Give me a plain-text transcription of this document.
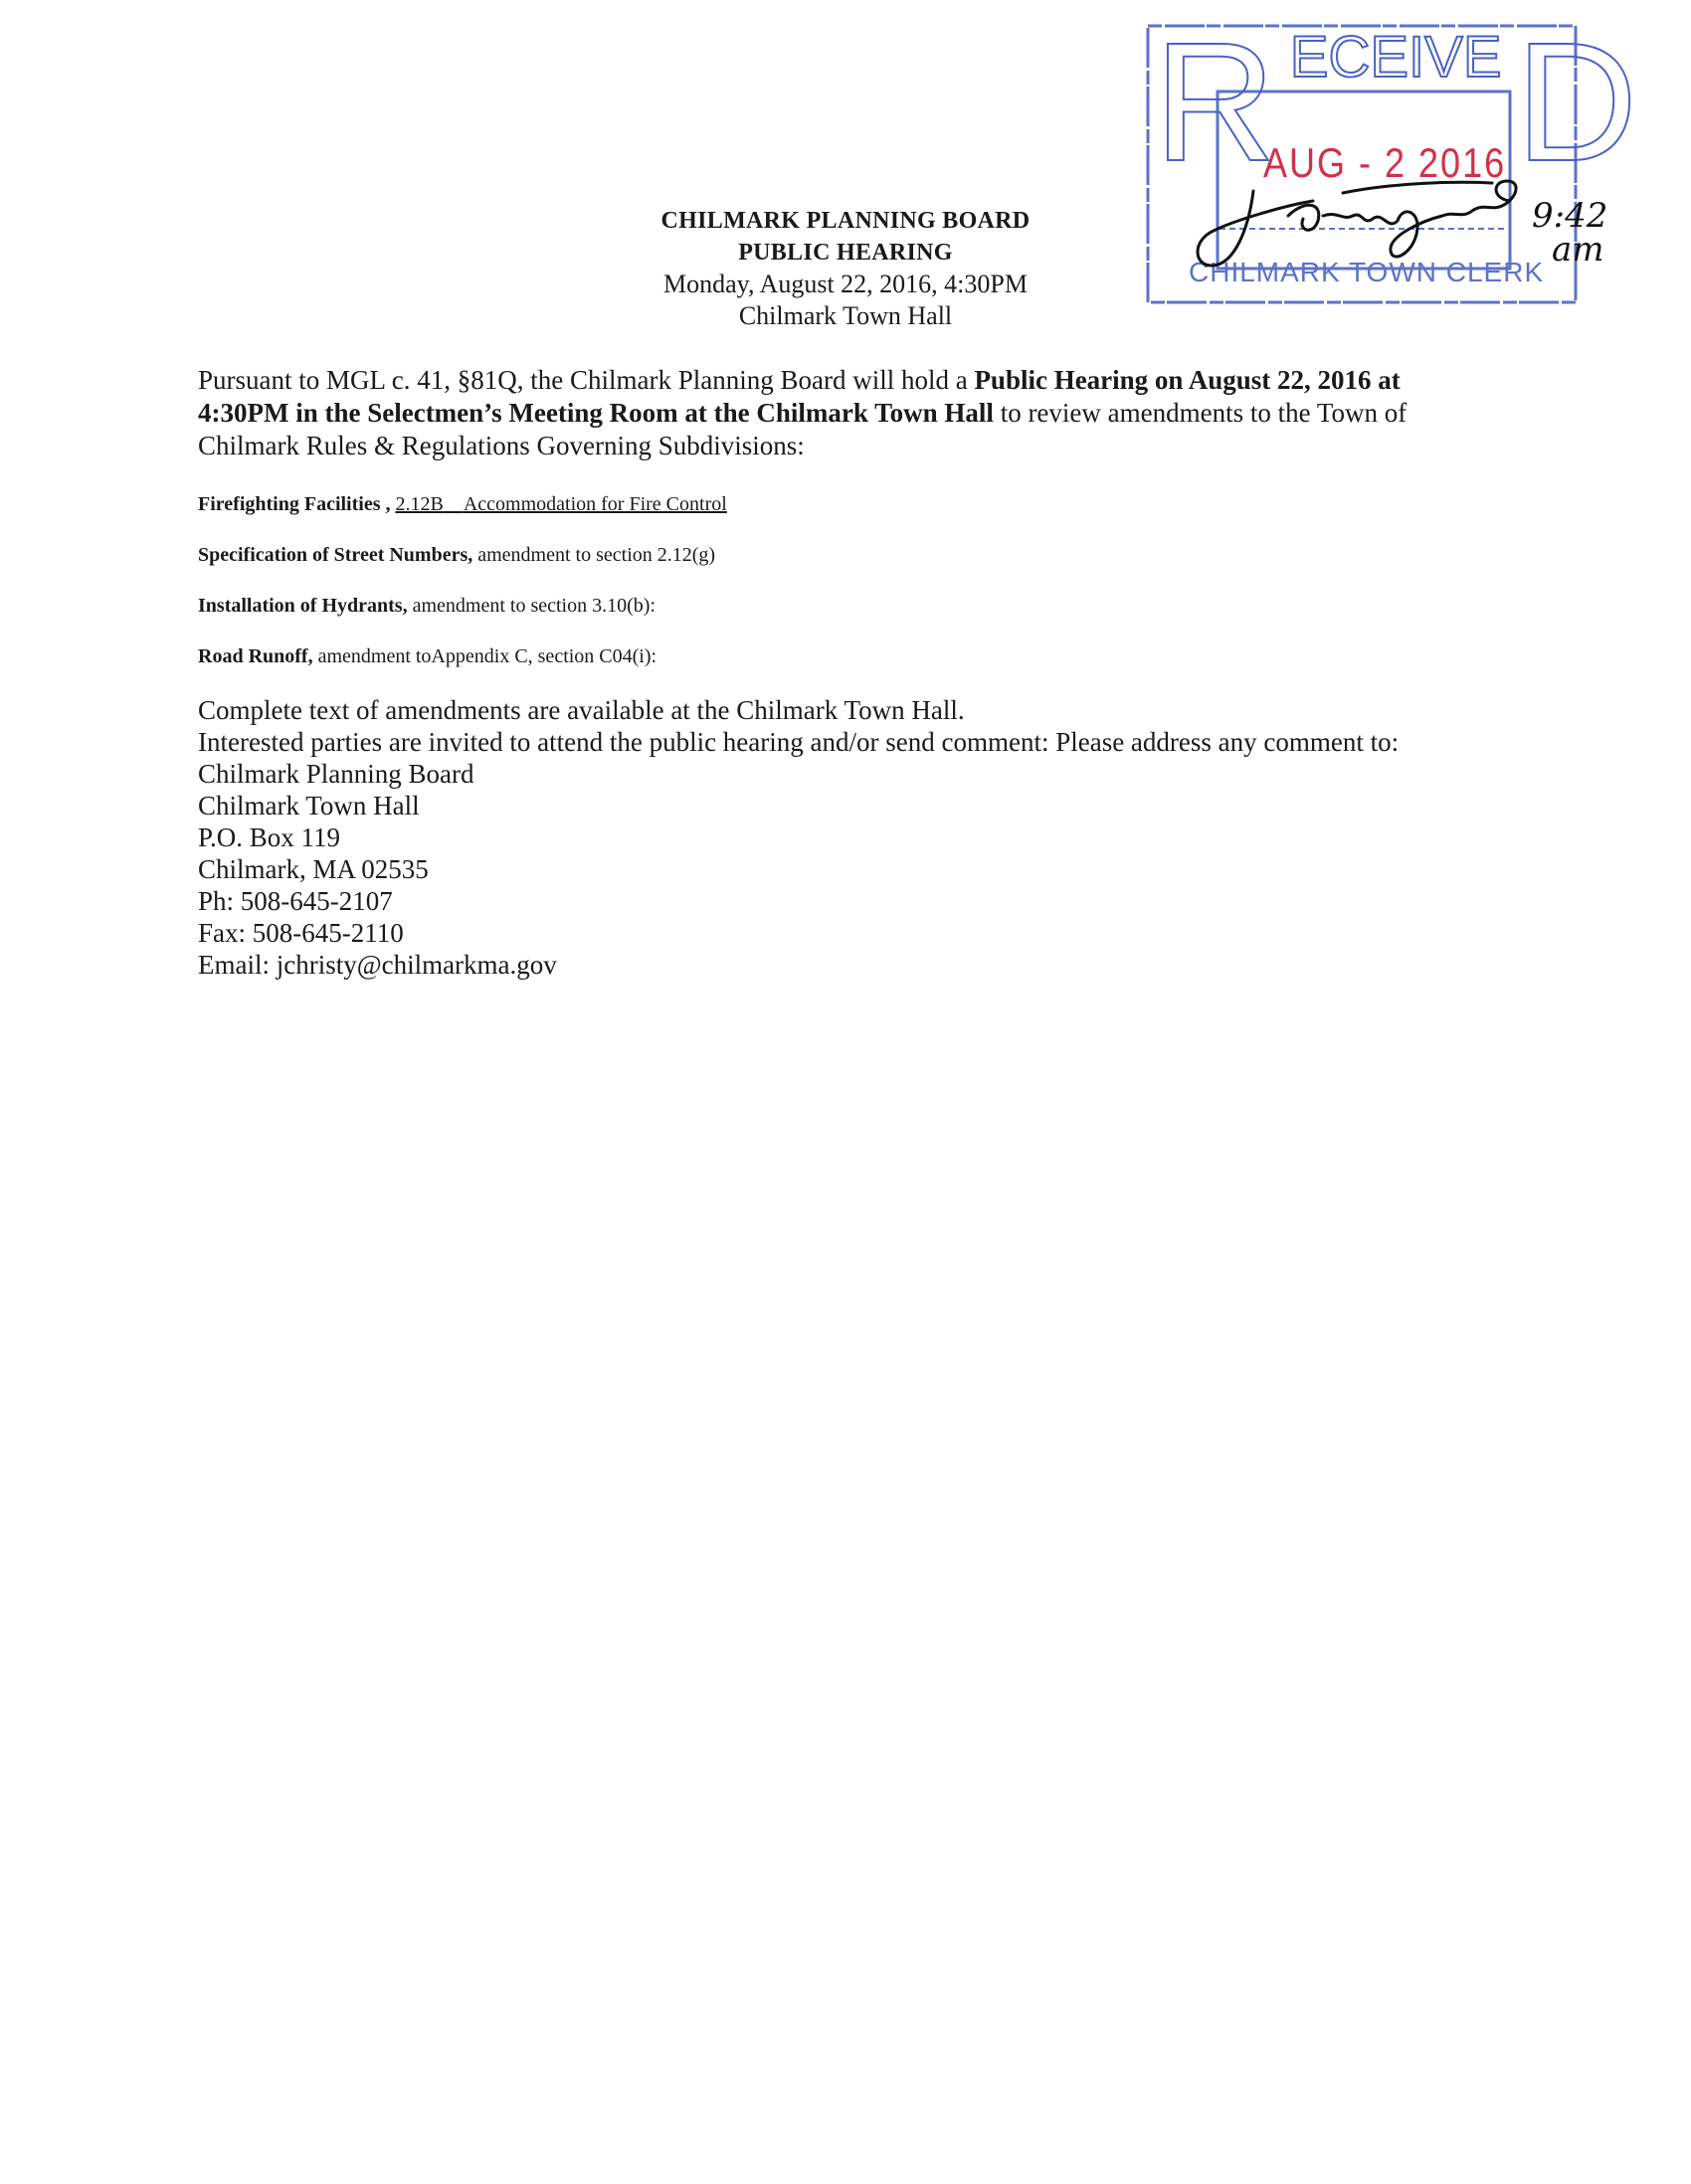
CHILMARK PLANNING BOARD
PUBLIC HEARING
Monday, August 22, 2016, 4:30PM
Chilmark Town Hall
Pursuant to MGL c. 41, §81Q, the Chilmark Planning Board will hold a Public Hearing on August 22, 2016 at
4:30PM in the Selectmen’s Meeting Room at the Chilmark Town Hall to review amendments to the Town of
Chilmark Rules & Regulations Governing Subdivisions:
Firefighting Facilities , 2.12B Accommodation for Fire Control
Specification of Street Numbers, amendment to section 2.12(g)
Installation of Hydrants, amendment to section 3.10(b):
Road Runoff, amendment toAppendix C, section C04(i):
Complete text of amendments are available at the Chilmark Town Hall.
Interested parties are invited to attend the public hearing and/or send comment: Please address any comment to:
Chilmark Planning Board
Chilmark Town Hall
P.O. Box 119
Chilmark, MA 02535
Ph: 508-645-2107
Fax: 508-645-2110
Email: jchristy@chilmarkma.gov
R E C E I V E D
AUG - 2 2016
CHILMARK TOWN CLERK
9:42
am
